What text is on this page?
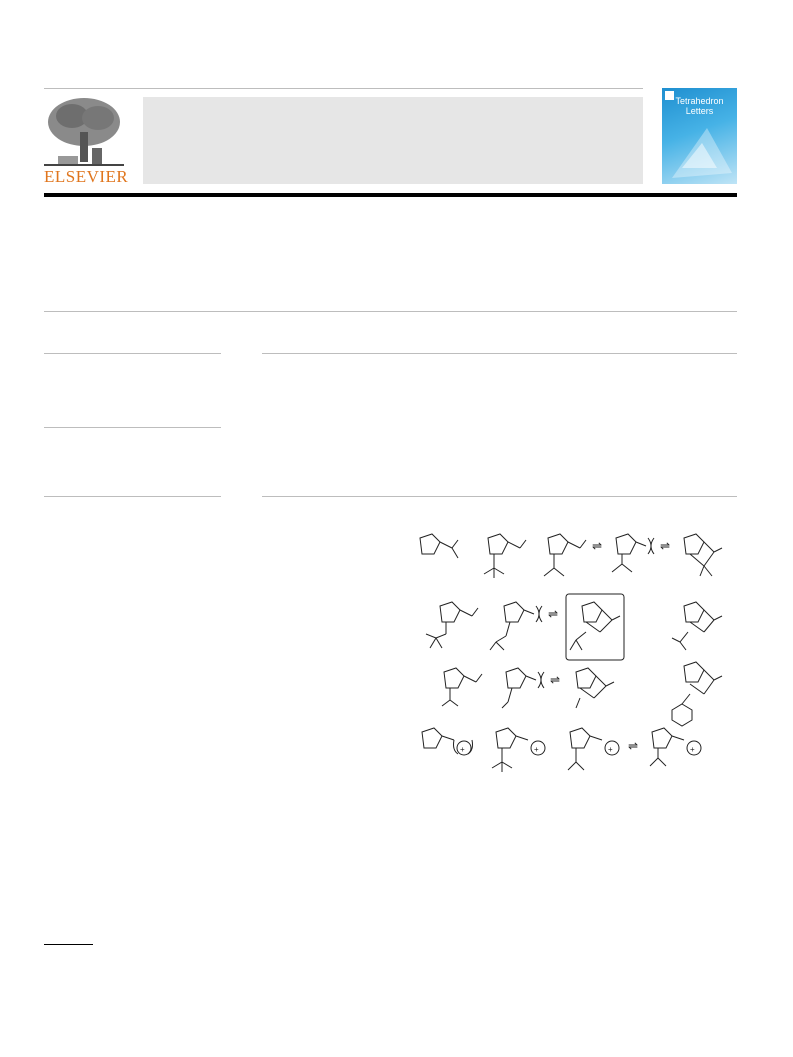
ELSEVIER
Tetrahedron
Letters
⇌	⇌
⇌
⇌
+	+	+ ⇌	+
